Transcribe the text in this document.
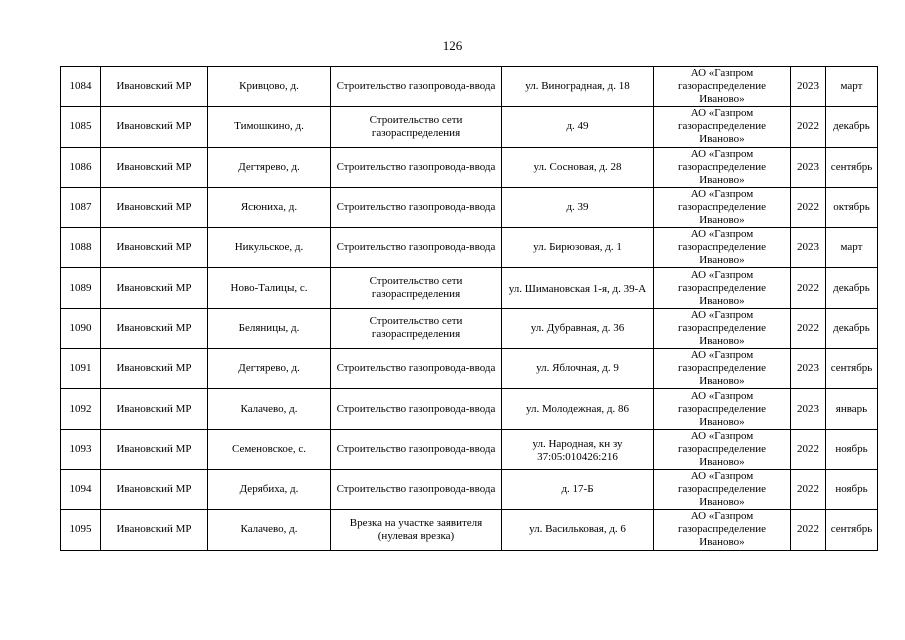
126
1084	Ивановский МР	Кривцово, д.	Строительство газопровода-ввода	ул. Виноградная, д. 18	АО «Газпром газораспределение Иваново»	2023	март
1085	Ивановский МР	Тимошкино, д.	Строительство сети газораспределения	д. 49	АО «Газпром газораспределение Иваново»	2022	декабрь
1086	Ивановский МР	Дегтярево, д.	Строительство газопровода-ввода	ул. Сосновая, д. 28	АО «Газпром газораспределение Иваново»	2023	сентябрь
1087	Ивановский МР	Ясюниха, д.	Строительство газопровода-ввода	д. 39	АО «Газпром газораспределение Иваново»	2022	октябрь
1088	Ивановский МР	Никульское, д.	Строительство газопровода-ввода	ул. Бирюзовая, д. 1	АО «Газпром газораспределение Иваново»	2023	март
1089	Ивановский МР	Ново-Талицы, с.	Строительство сети газораспределения	ул. Шимановская 1-я, д. 39-А	АО «Газпром газораспределение Иваново»	2022	декабрь
1090	Ивановский МР	Беляницы, д.	Строительство сети газораспределения	ул. Дубравная, д. 36	АО «Газпром газораспределение Иваново»	2022	декабрь
1091	Ивановский МР	Дегтярево, д.	Строительство газопровода-ввода	ул. Яблочная, д. 9	АО «Газпром газораспределение Иваново»	2023	сентябрь
1092	Ивановский МР	Калачево, д.	Строительство газопровода-ввода	ул. Молодежная, д. 86	АО «Газпром газораспределение Иваново»	2023	январь
1093	Ивановский МР	Семеновское, с.	Строительство газопровода-ввода	ул. Народная, кн зу 37:05:010426:216	АО «Газпром газораспределение Иваново»	2022	ноябрь
1094	Ивановский МР	Дерябиха, д.	Строительство газопровода-ввода	д. 17-Б	АО «Газпром газораспределение Иваново»	2022	ноябрь
1095	Ивановский МР	Калачево, д.	Врезка на участке заявителя (нулевая врезка)	ул. Васильковая, д. 6	АО «Газпром газораспределение Иваново»	2022	сентябрь
